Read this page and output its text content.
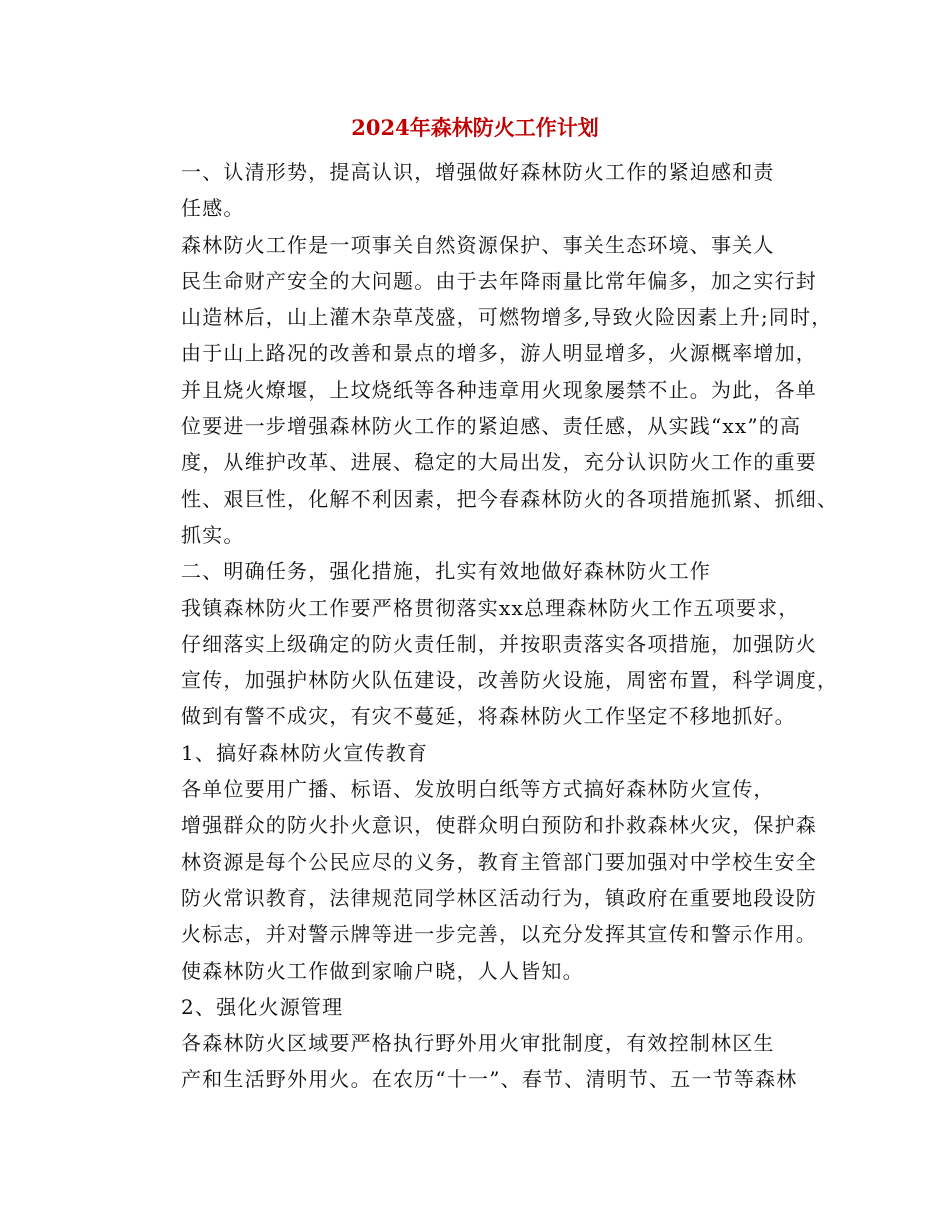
2024年森林防火工作计划

一、认清形势，提高认识，增强做好森林防火工作的紧迫感和责
任感。

森林防火工作是一项事关自然资源保护、事关生态环境、事关人
民生命财产安全的大问题。由于去年降雨量比常年偏多，加之实行封
山造林后，山上灌木杂草茂盛，可燃物增多,导致火险因素上升;同时，
由于山上路况的改善和景点的增多，游人明显增多，火源概率增加，
并且烧火燎堰，上坟烧纸等各种违章用火现象屡禁不止。为此，各单
位要进一步增强森林防火工作的紧迫感、责任感，从实践“xx”的高
度，从维护改革、进展、稳定的大局出发，充分认识防火工作的重要
性、艰巨性，化解不利因素，把今春森林防火的各项措施抓紧、抓细、
抓实。

二、明确任务，强化措施，扎实有效地做好森林防火工作

我镇森林防火工作要严格贯彻落实xx总理森林防火工作五项要求，
仔细落实上级确定的防火责任制，并按职责落实各项措施，加强防火
宣传，加强护林防火队伍建设，改善防火设施，周密布置，科学调度，
做到有警不成灾，有灾不蔓延，将森林防火工作坚定不移地抓好。

1、搞好森林防火宣传教育

各单位要用广播、标语、发放明白纸等方式搞好森林防火宣传，
增强群众的防火扑火意识，使群众明白预防和扑救森林火灾，保护森
林资源是每个公民应尽的义务，教育主管部门要加强对中学校生安全
防火常识教育，法律规范同学林区活动行为，镇政府在重要地段设防
火标志，并对警示牌等进一步完善，以充分发挥其宣传和警示作用。
使森林防火工作做到家喻户晓，人人皆知。

2、强化火源管理

各森林防火区域要严格执行野外用火审批制度，有效控制林区生
产和生活野外用火。在农历“十一”、春节、清明节、五一节等森林
